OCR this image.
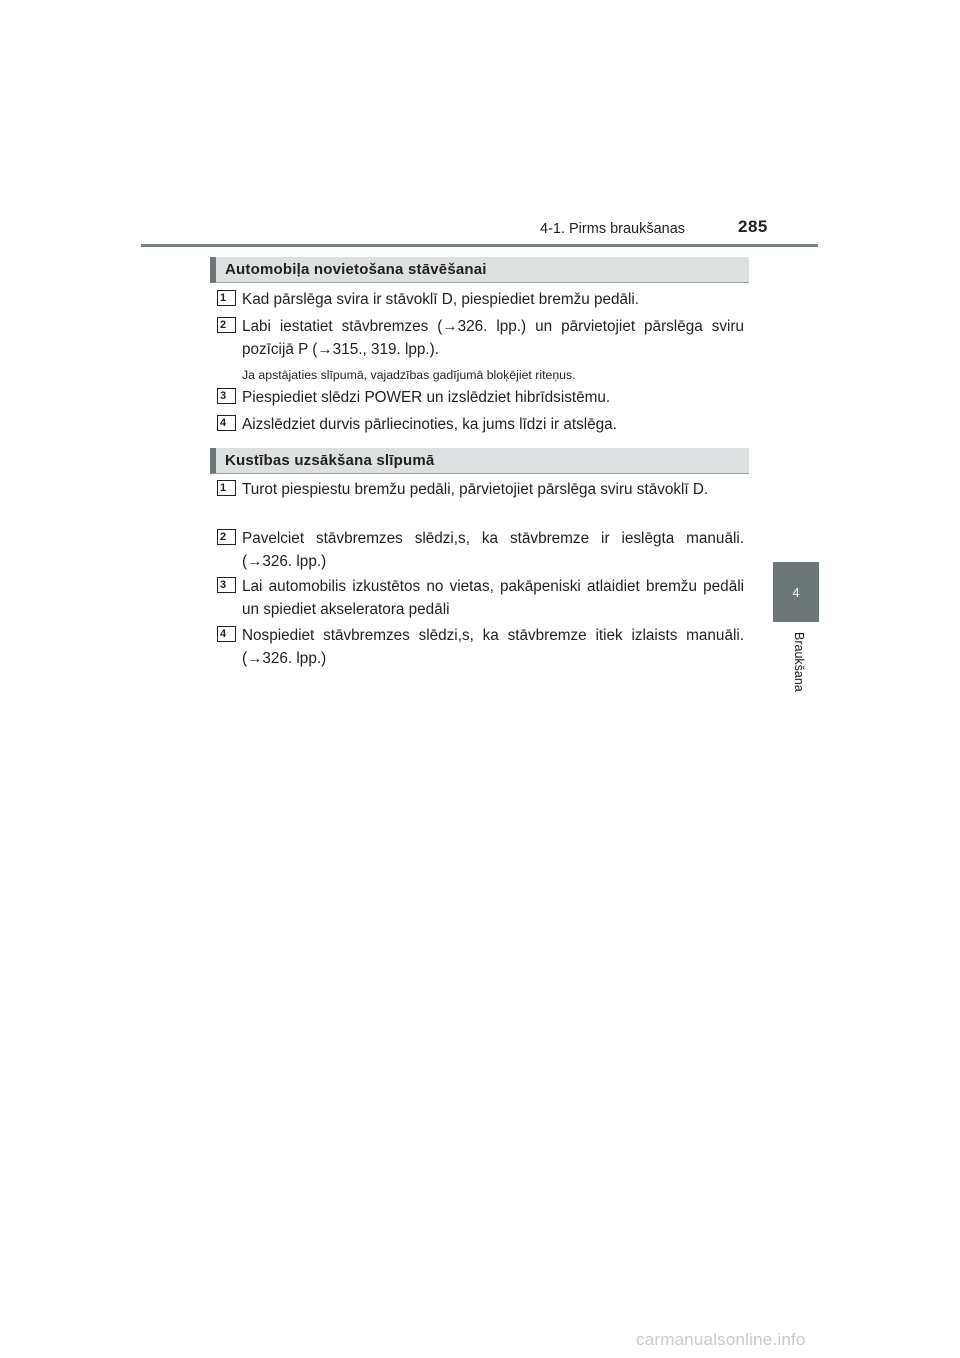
4-1. Pirms braukšanas	285
4
Braukšana
Automobiļa novietošana stāvēšanai
1	Kad pārslēga svira ir stāvoklī D, piespiediet bremžu pedāli.
2	Labi iestatiet stāvbremzes (→326. lpp.) un pārvietojiet pārslēga sviru pozīcijā P (→315., 319. lpp.).
Ja apstājaties slīpumā, vajadzības gadījumā bloķējiet riteņus.
3	Piespiediet slēdzi POWER un izslēdziet hibrīdsistēmu.
4	Aizslēdziet durvis pārliecinoties, ka jums līdzi ir atslēga.
Kustības uzsākšana slīpumā
1	Turot piespiestu bremžu pedāli, pārvietojiet pārslēga sviru stāvoklī D.
2	Pavelciet stāvbremzes slēdzi,s, ka stāvbremze ir ieslēgta manuāli. (→326. lpp.)
3	Lai automobilis izkustētos no vietas, pakāpeniski atlaidiet bremžu pedāli un spiediet akseleratora pedāli
4	Nospiediet stāvbremzes slēdzi,s, ka stāvbremze itiek izlaists manuāli. (→326. lpp.)
carmanualsonline.info
